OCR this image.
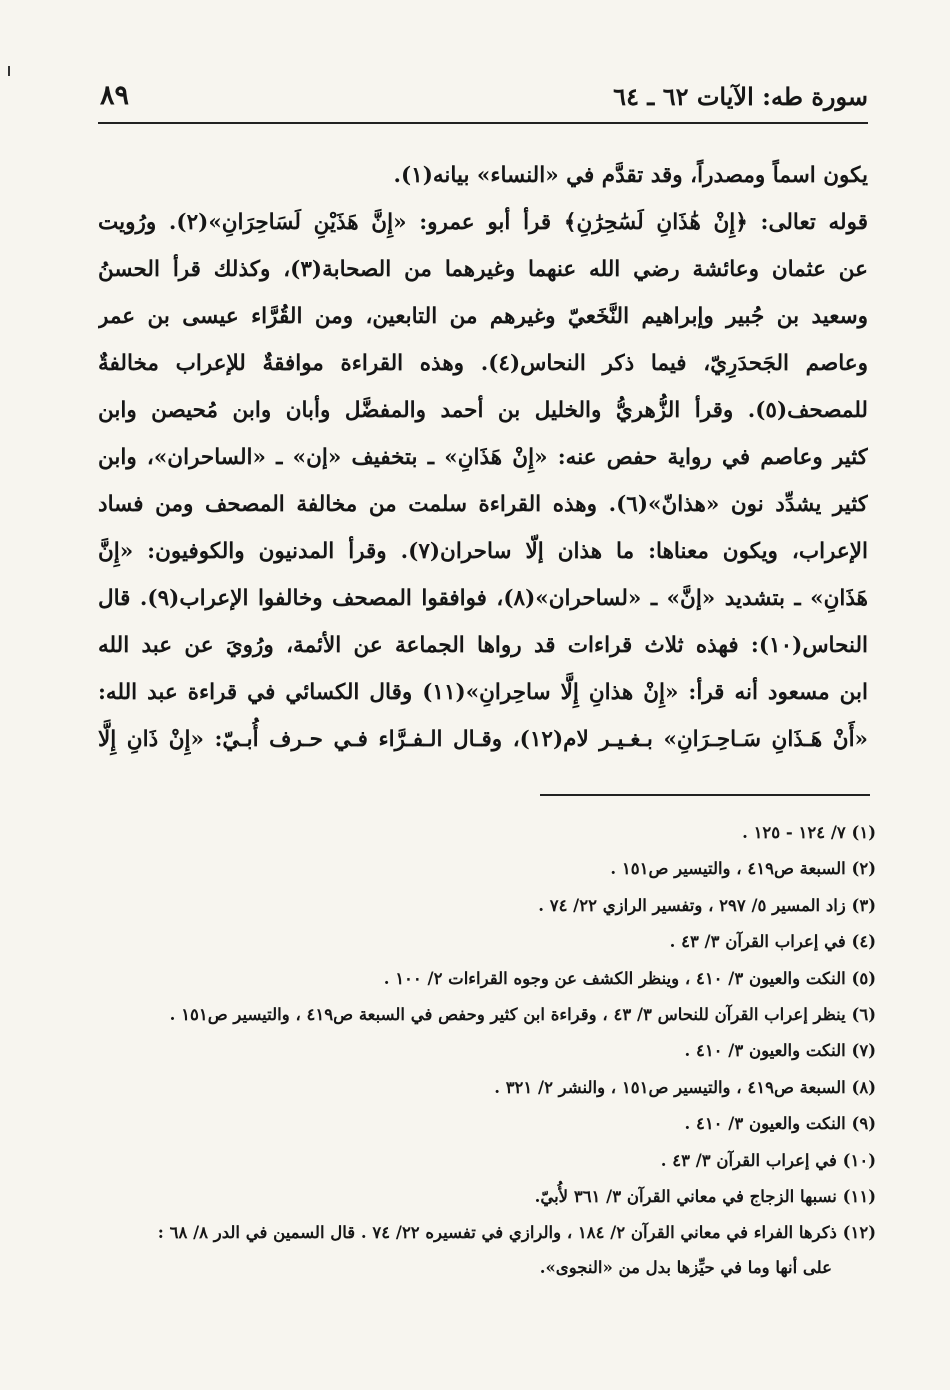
سورة طه: الآيات ٦٢ ـ ٦٤
٨٩
يكون اسماً ومصدراً، وقد تقدَّم في «النساء» بيانه(١).
قوله تعالى: ﴿إِنْ هَٰذَانِ لَسَٰحِرَٰنِ﴾ قرأ أبو عمرو: «إِنَّ هَذَيْنِ لَسَاحِرَانِ»(٢). ورُويت
عن عثمان وعائشة رضي الله عنهما وغيرهما من الصحابة(٣)، وكذلك قرأ الحسنُ
وسعيد بن جُبير وإبراهيم النَّخَعيّ وغيرهم من التابعين، ومن القُرَّاء عيسى بن عمر
وعاصم الجَحدَرِيّ، فيما ذكر النحاس(٤). وهذه القراءة موافقةٌ للإعراب مخالفةٌ
للمصحف(٥). وقرأ الزُّهريُّ والخليل بن أحمد والمفضَّل وأبان وابن مُحيصن وابن
كثير وعاصم في رواية حفص عنه: «إِنْ هَذَانِ» ـ بتخفيف «إن» ـ «الساحران»، وابن
كثير يشدِّد نون «هذانّ»(٦). وهذه القراءة سلمت من مخالفة المصحف ومن فساد
الإعراب، ويكون معناها: ما هذان إلّا ساحران(٧). وقرأ المدنيون والكوفيون: «إِنَّ
هَذَانِ» ـ بتشديد «إنَّ» ـ «لساحران»(٨)، فوافقوا المصحف وخالفوا الإعراب(٩). قال
النحاس(١٠): فهذه ثلاث قراءات قد رواها الجماعة عن الأئمة، ورُويَ عن عبد الله
ابن مسعود أنه قرأ: «إِنْ هذانِ إِلَّا ساحِرانِ»(١١) وقال الكسائي في قراءة عبد الله:
«أَنْ هَـذَانِ سَـاحِـرَانِ» بـغـيـر لام(١٢)، وقـال الـفـرَّاء فـي حـرف أُبـيّ: «إِنْ ذَانِ إِلَّا
(١) ٧/ ١٢٤ - ١٢٥ .
(٢) السبعة ص٤١٩ ، والتيسير ص١٥١ .
(٣) زاد المسير ٥/ ٢٩٧ ، وتفسير الرازي ٢٢/ ٧٤ .
(٤) في إعراب القرآن ٣/ ٤٣ .
(٥) النكت والعيون ٣/ ٤١٠ ، وينظر الكشف عن وجوه القراءات ٢/ ١٠٠ .
(٦) ينظر إعراب القرآن للنحاس ٣/ ٤٣ ، وقراءة ابن كثير وحفص في السبعة ص٤١٩ ، والتيسير ص١٥١ .
(٧) النكت والعيون ٣/ ٤١٠ .
(٨) السبعة ص٤١٩ ، والتيسير ص١٥١ ، والنشر ٢/ ٣٢١ .
(٩) النكت والعيون ٣/ ٤١٠ .
(١٠) في إعراب القرآن ٣/ ٤٣ .
(١١) نسبها الزجاج في معاني القرآن ٣/ ٣٦١ لأُبيّ.
(١٢) ذكرها الفراء في معاني القرآن ٢/ ١٨٤ ، والرازي في تفسيره ٢٢/ ٧٤ . قال السمين في الدر ٨/ ٦٨ :
على أنها وما في حيِّزها بدل من «النجوى».
